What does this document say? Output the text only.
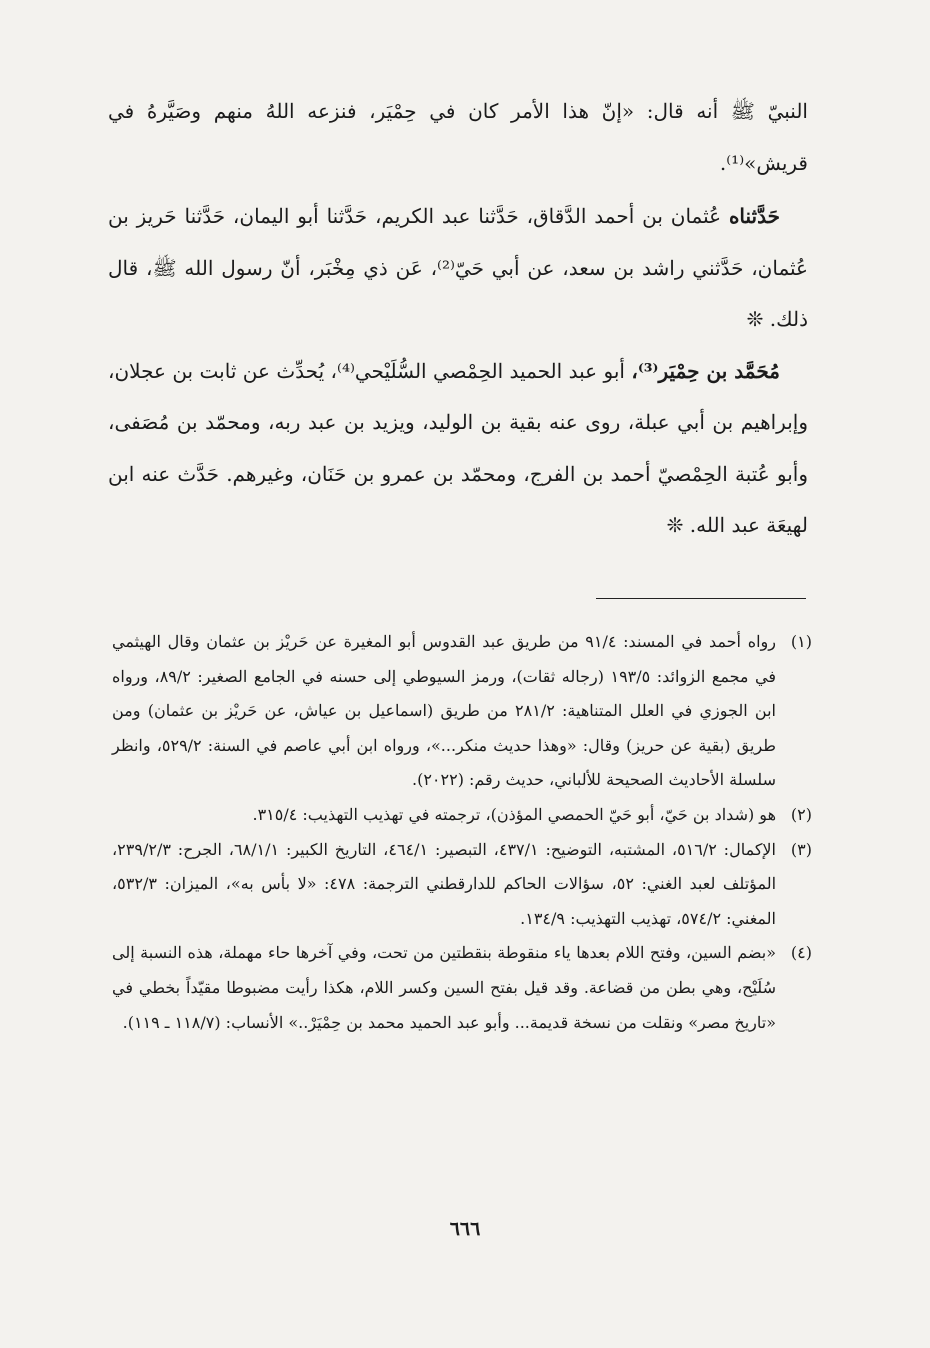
النبيّ ﷺ أنه قال: «إنّ هذا الأمر كان في حِمْيَر، فنزعه اللهُ منهم وصَيَّرهُ في قريش»⁽¹⁾.

حَدَّثناه عُثمان بن أحمد الدَّقاق، حَدَّثنا عبد الكريم، حَدَّثنا أبو اليمان، حَدَّثنا حَريز بن عُثمان، حَدَّثني راشد بن سعد، عن أبي حَيّ⁽²⁾، عَن ذي مِخْبَر، أنّ رسول الله ﷺ، قال ذلك. ❊

مُحَمَّد بن حِمْيَر⁽³⁾، أبو عبد الحميد الحِمْصي السُّلَيْحي⁽⁴⁾، يُحدِّث عن ثابت بن عجلان، وإبراهيم بن أبي عبلة، روى عنه بقية بن الوليد، ويزيد بن عبد ربه، ومحمّد بن مُصَفى، وأبو عُتبة الحِمْصيّ أحمد بن الفرج، ومحمّد بن عمرو بن حَنَان، وغيرهم. حَدَّث عنه ابن لهيعَة عبد الله. ❊

(١)
رواه أحمد في المسند: ٩١/٤ من طريق عبد القدوس أبو المغيرة عن حَريْز بن عثمان وقال الهيثمي في مجمع الزوائد: ١٩٣/٥ (رجاله ثقات)، ورمز السيوطي إلى حسنه في الجامع الصغير: ٨٩/٢، ورواه ابن الجوزي في العلل المتناهية: ٢٨١/٢ من طريق (اسماعيل بن عياش، عن حَريْز بن عثمان) ومن طريق (بقية عن حريز) وقال: «وهذا حديث منكر...»، ورواه ابن أبي عاصم في السنة: ٥٢٩/٢، وانظر سلسلة الأحاديث الصحيحة للألباني، حديث رقم: (٢٠٢٢).
(٢)
هو (شداد بن حَيّ، أبو حَيّ الحمصي المؤذن)، ترجمته في تهذيب التهذيب: ٣١٥/٤.
(٣)
الإكمال: ٥١٦/٢، المشتبه، التوضيح: ٤٣٧/١، التبصير: ٤٦٤/١، التاريخ الكبير: ٦٨/١/١، الجرح: ٢٣٩/٢/٣، المؤتلف لعبد الغني: ٥٢، سؤالات الحاكم للدارقطني الترجمة: ٤٧٨: «لا بأس به»، الميزان: ٥٣٢/٣، المغني: ٥٧٤/٢، تهذيب التهذيب: ١٣٤/٩.
(٤)
«بضم السين، وفتح اللام بعدها ياء منقوطة بنقطتين من تحت، وفي آخرها حاء مهملة، هذه النسبة إلى سُلَيْح، وهي بطن من قضاعة. وقد قيل بفتح السين وكسر اللام، هكذا رأيت مضبوطا مقيّداً بخطي في «تاريخ مصر» ونقلت من نسخة قديمة... وأبو عبد الحميد محمد بن حِمْيَرْ..» الأنساب: (١١٨/٧ ـ ١١٩).
٦٦٦
